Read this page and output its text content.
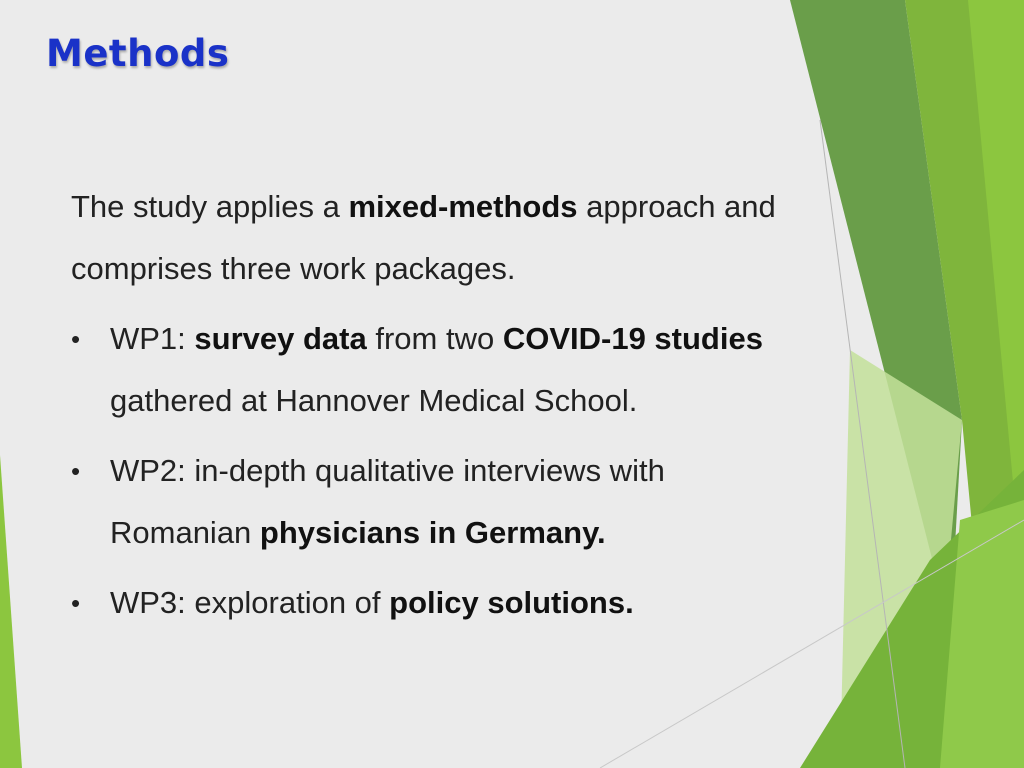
Methods

The study applies a mixed-methods approach and comprises three work packages.

• WP1: survey data from two COVID-19 studies gathered at Hannover Medical School.
• WP2: in-depth qualitative interviews with Romanian physicians in Germany.
• WP3: exploration of policy solutions.
